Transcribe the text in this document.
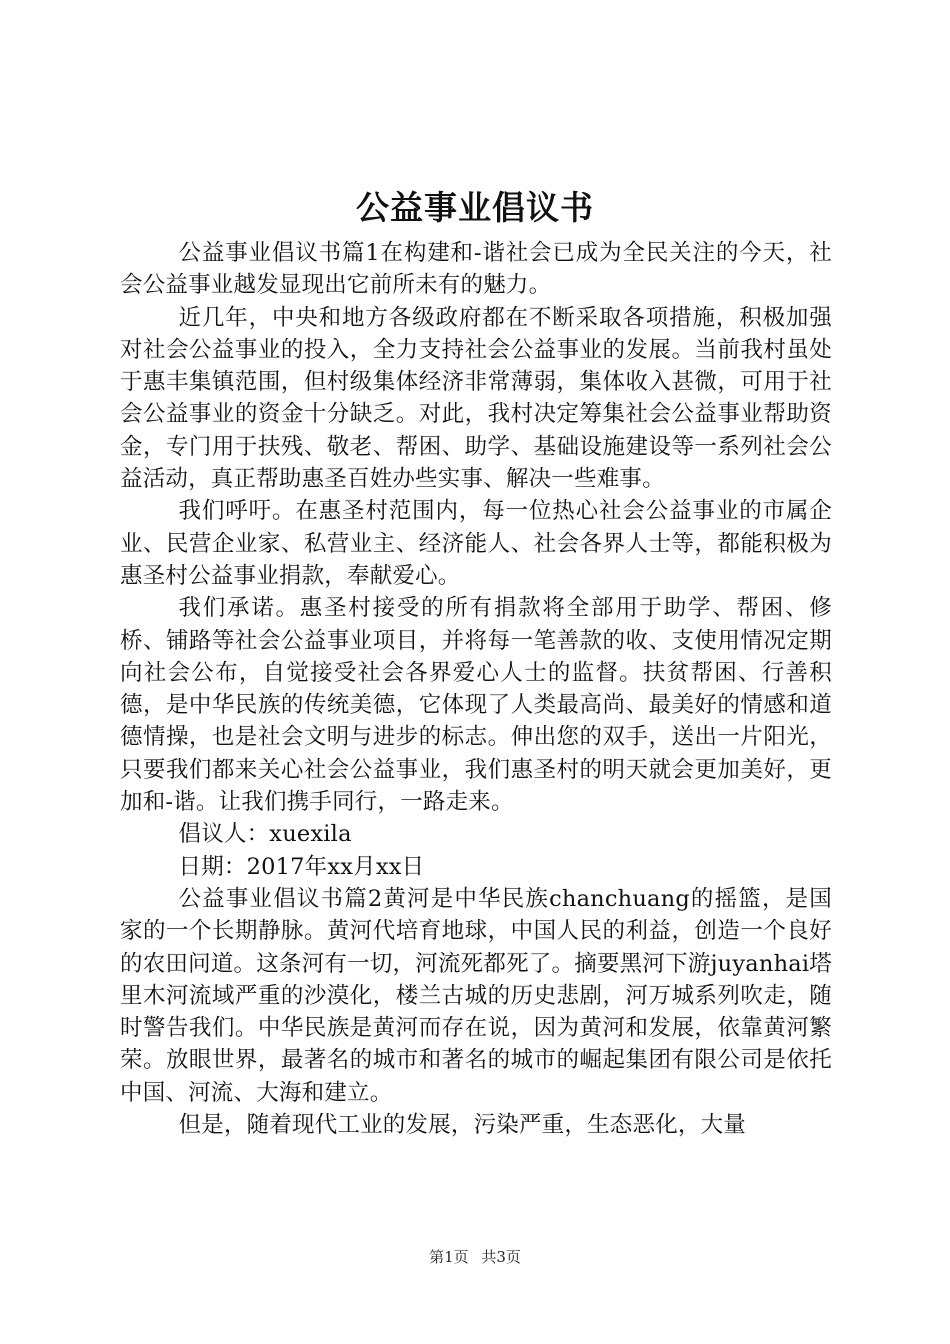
公益事业倡议书

公益事业倡议书篇1在构建和-谐社会已成为全民关注的今天，社会公益事业越发显现出它前所未有的魅力。

近几年，中央和地方各级政府都在不断采取各项措施，积极加强对社会公益事业的投入，全力支持社会公益事业的发展。当前我村虽处于惠丰集镇范围，但村级集体经济非常薄弱，集体收入甚微，可用于社会公益事业的资金十分缺乏。对此，我村决定筹集社会公益事业帮助资金，专门用于扶残、敬老、帮困、助学、基础设施建设等一系列社会公益活动，真正帮助惠圣百姓办些实事、解决一些难事。

我们呼吁。在惠圣村范围内，每一位热心社会公益事业的市属企业、民营企业家、私营业主、经济能人、社会各界人士等，都能积极为惠圣村公益事业捐款，奉献爱心。

我们承诺。惠圣村接受的所有捐款将全部用于助学、帮困、修桥、铺路等社会公益事业项目，并将每一笔善款的收、支使用情况定期向社会公布，自觉接受社会各界爱心人士的监督。扶贫帮困、行善积德，是中华民族的传统美德，它体现了人类最高尚、最美好的情感和道德情操，也是社会文明与进步的标志。伸出您的双手，送出一片阳光，只要我们都来关心社会公益事业，我们惠圣村的明天就会更加美好，更加和-谐。让我们携手同行，一路走来。

倡议人：xuexila

日期：2017年xx月xx日

公益事业倡议书篇2黄河是中华民族chanchuang的摇篮，是国家的一个长期静脉。黄河代培育地球，中国人民的利益，创造一个良好的农田问道。这条河有一切，河流死都死了。摘要黑河下游juyanhai塔里木河流域严重的沙漠化，楼兰古城的历史悲剧，河万城系列吹走，随时警告我们。中华民族是黄河而存在说，因为黄河和发展，依靠黄河繁荣。放眼世界，最著名的城市和著名的城市的崛起集团有限公司是依托中国、河流、大海和建立。

但是，随着现代工业的发展，污染严重，生态恶化，大量

第1页 共3页
